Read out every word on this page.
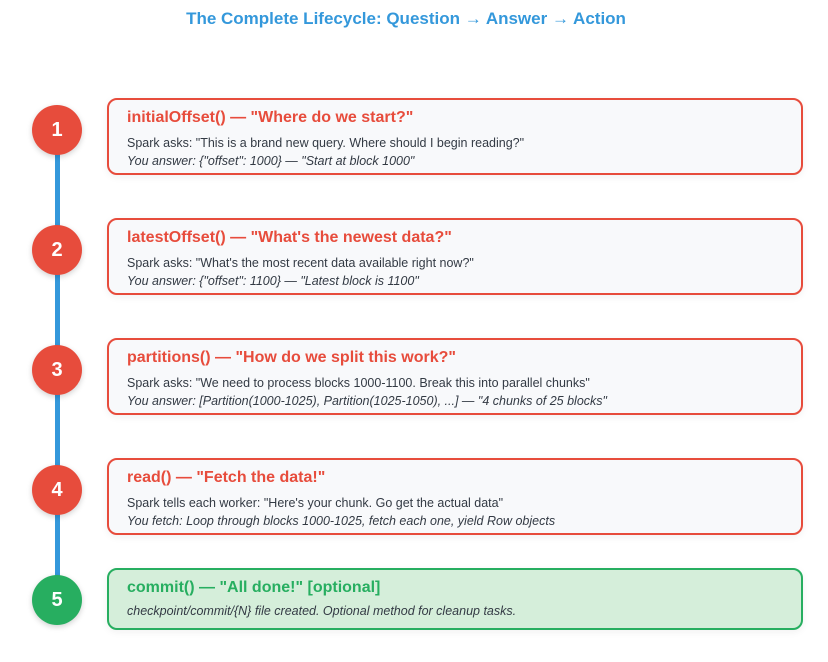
The Complete Lifecycle: Question → Answer → Action
1
initialOffset() — "Where do we start?"
Spark asks: "This is a brand new query. Where should I begin reading?"
You answer: {"offset": 1000} — "Start at block 1000"
2
latestOffset() — "What's the newest data?"
Spark asks: "What's the most recent data available right now?"
You answer: {"offset": 1100} — "Latest block is 1100"
3
partitions() — "How do we split this work?"
Spark asks: "We need to process blocks 1000-1100. Break this into parallel chunks"
You answer: [Partition(1000-1025), Partition(1025-1050), ...] — "4 chunks of 25 blocks"
4
read() — "Fetch the data!"
Spark tells each worker: "Here's your chunk. Go get the actual data"
You fetch: Loop through blocks 1000-1025, fetch each one, yield Row objects
5
commit() — "All done!" [optional]
checkpoint/commit/{N} file created. Optional method for cleanup tasks.
